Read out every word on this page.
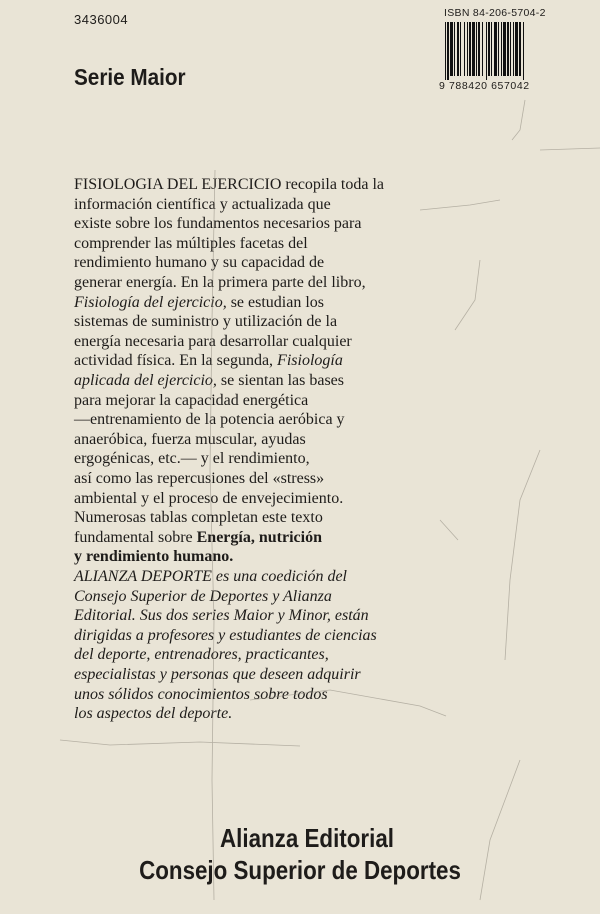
3436004	ISBN 84-206-5704-2
9 788420 657042
Serie Maior
FISIOLOGIA DEL EJERCICIO recopila toda la
información científica y actualizada que
existe sobre los fundamentos necesarios para
comprender las múltiples facetas del
rendimiento humano y su capacidad de
generar energía. En la primera parte del libro,
Fisiología del ejercicio, se estudian los
sistemas de suministro y utilización de la
energía necesaria para desarrollar cualquier
actividad física. En la segunda, Fisiología
aplicada del ejercicio, se sientan las bases
para mejorar la capacidad energética
—entrenamiento de la potencia aeróbica y
anaeróbica, fuerza muscular, ayudas
ergogénicas, etc.— y el rendimiento,
así como las repercusiones del «stress»
ambiental y el proceso de envejecimiento.
Numerosas tablas completan este texto
fundamental sobre Energía, nutrición
y rendimiento humano.
ALIANZA DEPORTE es una coedición del
Consejo Superior de Deportes y Alianza
Editorial. Sus dos series Maior y Minor, están
dirigidas a profesores y estudiantes de ciencias
del deporte, entrenadores, practicantes,
especialistas y personas que deseen adquirir
unos sólidos conocimientos sobre todos
los aspectos del deporte.
Alianza Editorial
Consejo Superior de Deportes
